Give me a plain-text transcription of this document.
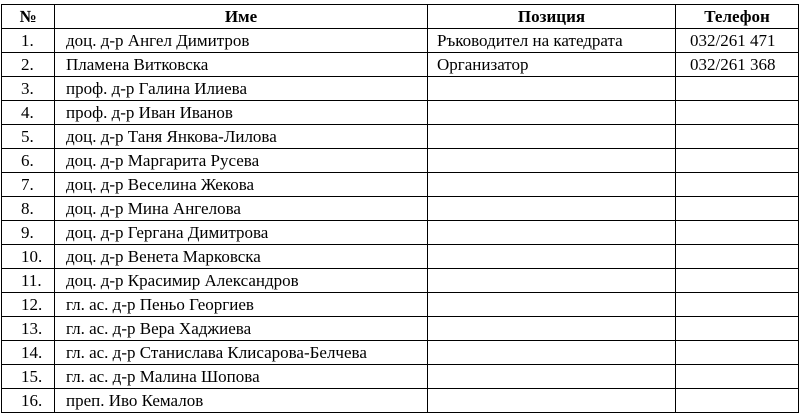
№	Име	Позиция	Телефон
1.	доц. д-р Ангел Димитров	Ръководител на катедрата	032/261 471
2.	Пламена Витковска	Организатор	032/261 368
3.	проф. д-р Галина Илиева		
4.	проф. д-р Иван Иванов		
5.	доц. д-р Таня Янкова-Лилова		
6.	доц. д-р Маргарита Русева		
7.	доц. д-р Веселина Жекова		
8.	доц. д-р Мина Ангелова		
9.	доц. д-р Гергана Димитрова		
10.	доц. д-р Венета Марковска		
11.	доц. д-р Красимир Александров		
12.	гл. ас. д-р Пеньо Георгиев		
13.	гл. ас. д-р Вера Хаджиева		
14.	гл. ас. д-р Станислава Клисарова-Белчева		
15.	гл. ас. д-р Малина Шопова		
16.	преп. Иво Кемалов		
